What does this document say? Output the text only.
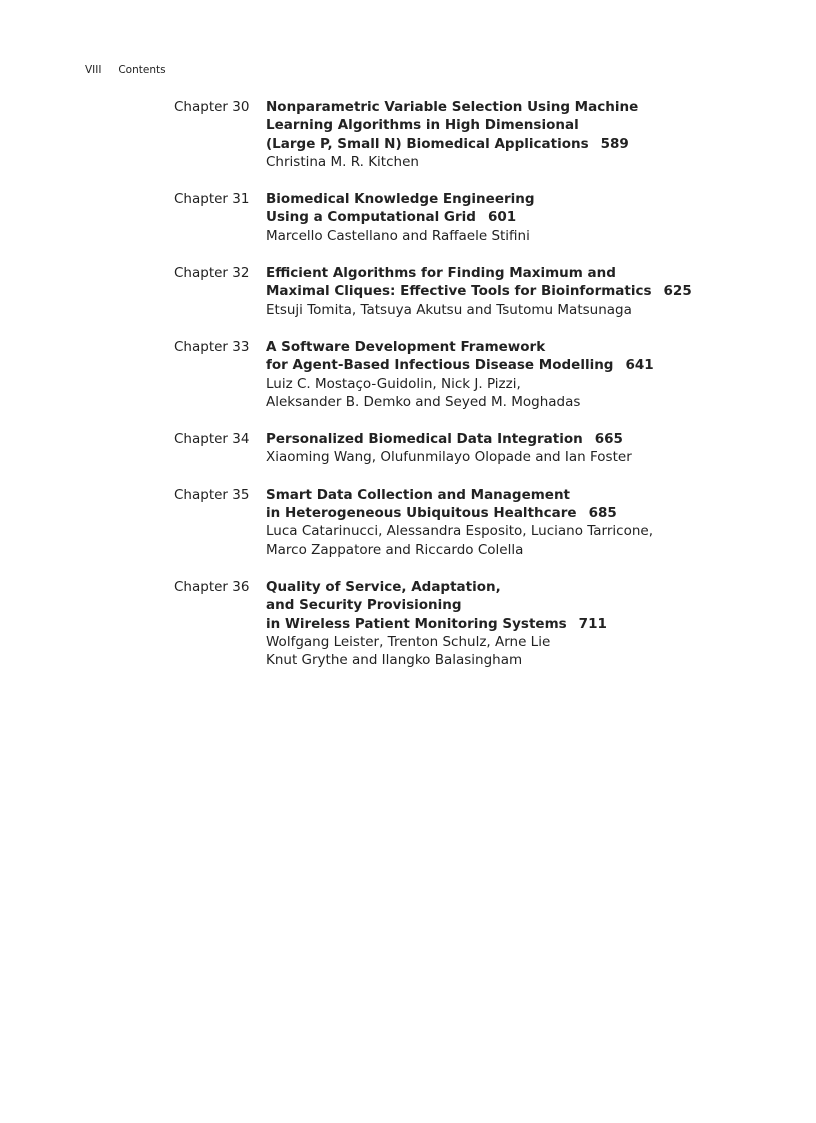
VIII Contents
Chapter 30	Nonparametric Variable Selection Using Machine
Learning Algorithms in High Dimensional
(Large P, Small N) Biomedical Applications 589
Christina M. R. Kitchen
Chapter 31	Biomedical Knowledge Engineering
Using a Computational Grid 601
Marcello Castellano and Raffaele Stifini
Chapter 32	Efficient Algorithms for Finding Maximum and
Maximal Cliques: Effective Tools for Bioinformatics 625
Etsuji Tomita, Tatsuya Akutsu and Tsutomu Matsunaga
Chapter 33	A Software Development Framework
for Agent-Based Infectious Disease Modelling 641
Luiz C. Mostaço-Guidolin, Nick J. Pizzi,
Aleksander B. Demko and Seyed M. Moghadas
Chapter 34	Personalized Biomedical Data Integration 665
Xiaoming Wang, Olufunmilayo Olopade and Ian Foster
Chapter 35	Smart Data Collection and Management
in Heterogeneous Ubiquitous Healthcare 685
Luca Catarinucci, Alessandra Esposito, Luciano Tarricone,
Marco Zappatore and Riccardo Colella
Chapter 36	Quality of Service, Adaptation,
and Security Provisioning
in Wireless Patient Monitoring Systems 711
Wolfgang Leister, Trenton Schulz, Arne Lie
Knut Grythe and Ilangko Balasingham
